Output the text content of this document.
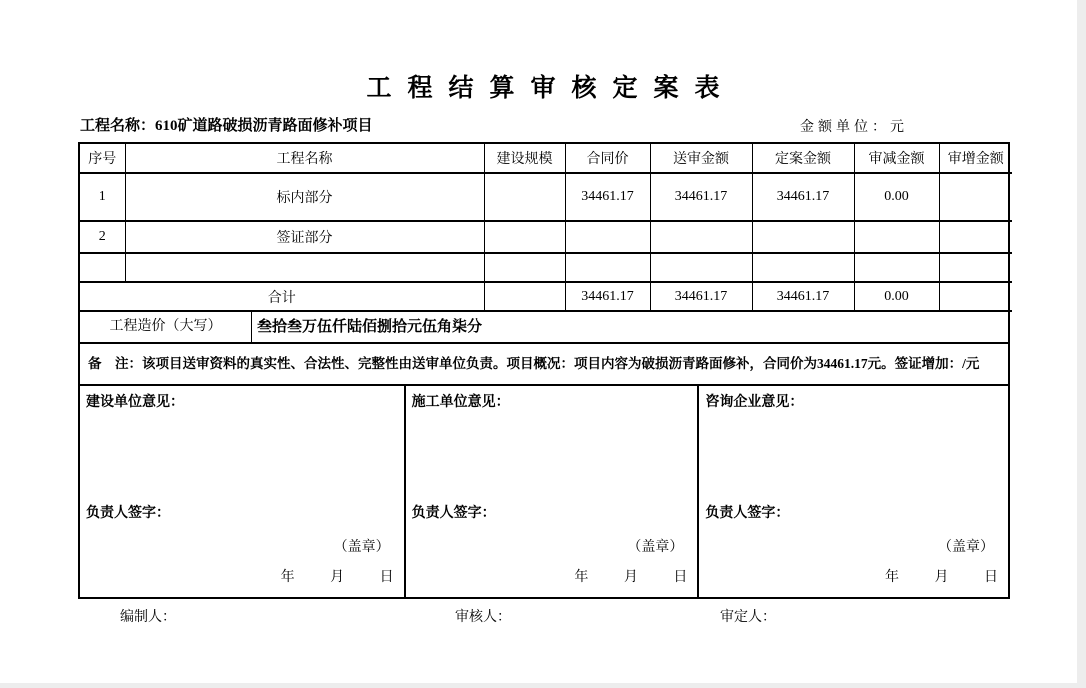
工程结算审核定案表
工程名称：610矿道路破损沥青路面修补项目	金额单位：元
序号	工程名称	建设规模	合同价	送审金额	定案金额	审减金额	审增金额
1	标内部分		34461.17	34461.17	34461.17	0.00	
2	签证部分						

合计			34461.17	34461.17	34461.17	0.00	
工程造价（大写）	叁拾叁万伍仟陆佰捌拾元伍角柒分
备　注：该项目送审资料的真实性、合法性、完整性由送审单位负责。项目概况：项目内容为破损沥青路面修补，合同价为34461.17元。签证增加：/元
建设单位意见：
负责人签字：
（盖章）
年	月	日
施工单位意见：
负责人签字：
（盖章）
年	月	日
咨询企业意见：
负责人签字：
（盖章）
年	月	日
编制人：	审核人：	审定人：
